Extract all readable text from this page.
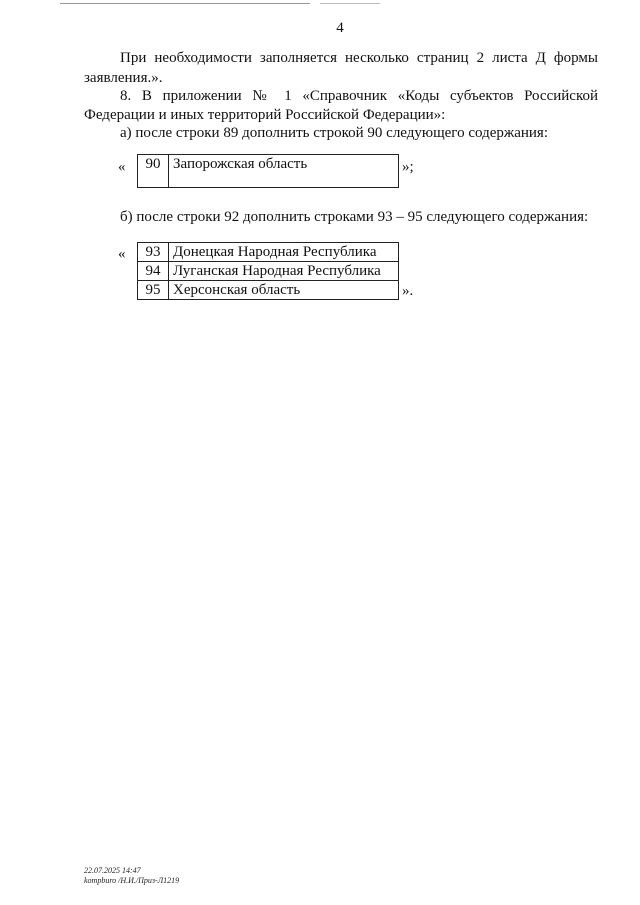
4
При необходимости заполняется несколько страниц 2 листа Д формы
заявления.».
8. В приложении № 1 «Справочник «Коды субъектов Российской
Федерации и иных территорий Российской Федерации»:
а) после строки 89 дополнить строкой 90 следующего содержания:
« 90	Запорожская область	»;
б) после строки 92 дополнить строками 93 – 95 следующего содержания:
« 93	Донецкая Народная Республика
94	Луганская Народная Республика
95	Херсонская область	».
22.07.2025 14:47
kompburo /Н.И./Приз-Л1219
